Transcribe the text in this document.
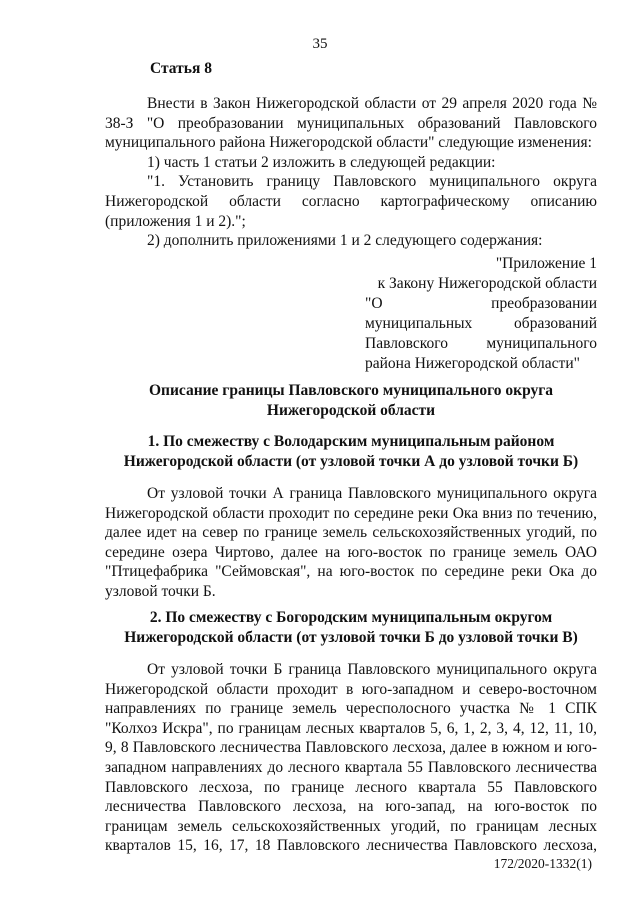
35
Статья 8

Внести в Закон Нижегородской области от 29 апреля 2020 года № 38-З "О преобразовании муниципальных образований Павловского муниципального района Нижегородской области" следующие изменения:

1) часть 1 статьи 2 изложить в следующей редакции:

"1. Установить границу Павловского муниципального округа Нижегородской области согласно картографическому описанию (приложения 1 и 2).";

2) дополнить приложениями 1 и 2 следующего содержания:

"Приложение 1
к Закону Нижегородской области
"О преобразовании
муниципальных образований
Павловского муниципального
района Нижегородской области"
Описание границы Павловского муниципального округа
Нижегородской области
1. По смежеству с Володарским муниципальным районом
Нижегородской области (от узловой точки А до узловой точки Б)

От узловой точки А граница Павловского муниципального округа Нижегородской области проходит по середине реки Ока вниз по течению, далее идет на север по границе земель сельскохозяйственных угодий, по середине озера Чиртово, далее на юго-восток по границе земель ОАО "Птицефабрика "Сеймовская", на юго-восток по середине реки Ока до узловой точки Б.

2. По смежеству с Богородским муниципальным округом
Нижегородской области (от узловой точки Б до узловой точки В)

От узловой точки Б граница Павловского муниципального округа Нижегородской области проходит в юго-западном и северо-восточном направлениях по границе земель чересполосного участка № 1 СПК "Колхоз Искра", по границам лесных кварталов 5, 6, 1, 2, 3, 4, 12, 11, 10, 9, 8 Павловского лесничества Павловского лесхоза, далее в южном и юго-западном направлениях до лесного квартала 55 Павловского лесничества Павловского лесхоза, по границе лесного квартала 55 Павловского лесничества Павловского лесхоза, на юго-запад, на юго-восток по границам земель сельскохозяйственных угодий, по границам лесных кварталов 15, 16, 17, 18 Павловского лесничества Павловского лесхоза,

172/2020-1332(1)
